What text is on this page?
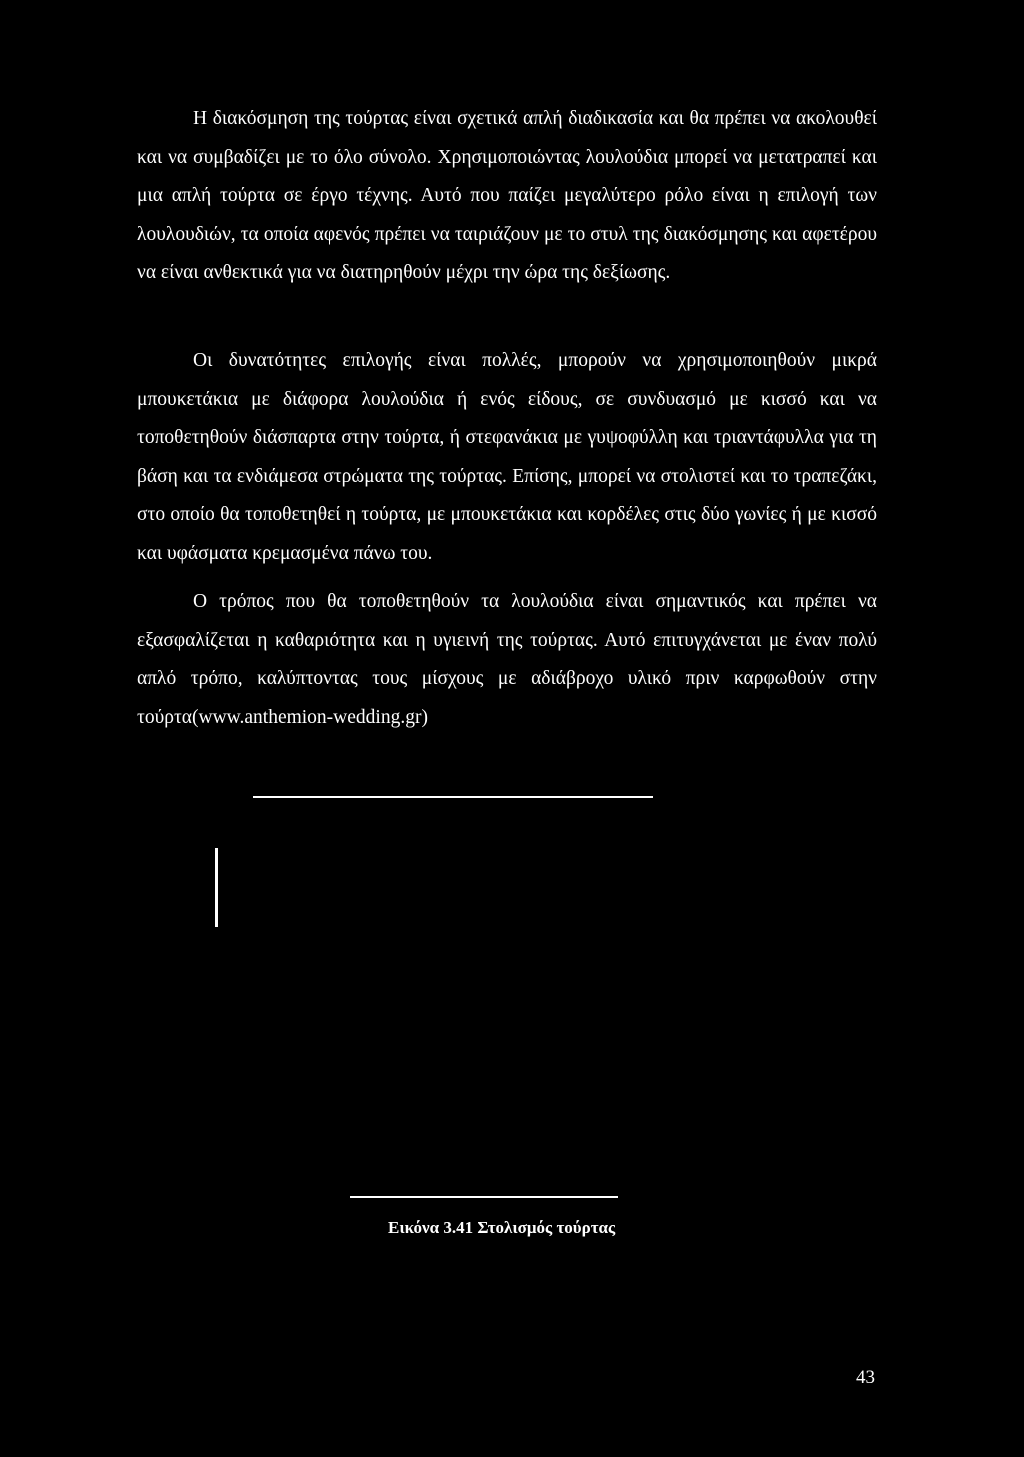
Η διακόσμηση της τούρτας είναι σχετικά απλή διαδικασία και θα πρέπει να ακολουθεί και να συμβαδίζει με το όλο σύνολο. Χρησιμοποιώντας λουλούδια μπορεί να μετατραπεί και μια απλή τούρτα σε έργο τέχνης. Αυτό που παίζει μεγαλύτερο ρόλο είναι η επιλογή των λουλουδιών, τα οποία αφενός πρέπει να ταιριάζουν με το στυλ της διακόσμησης και αφετέρου να είναι ανθεκτικά για να διατηρηθούν μέχρι την ώρα της δεξίωσης.

Οι δυνατότητες επιλογής είναι πολλές, μπορούν να χρησιμοποιηθούν μικρά μπουκετάκια με διάφορα λουλούδια ή ενός είδους, σε συνδυασμό με κισσό και να τοποθετηθούν διάσπαρτα στην τούρτα, ή στεφανάκια με γυψοφύλλη και τριαντάφυλλα για τη βάση και τα ενδιάμεσα στρώματα της τούρτας. Επίσης, μπορεί να στολιστεί και το τραπεζάκι, στο οποίο θα τοποθετηθεί η τούρτα, με μπουκετάκια και κορδέλες στις δύο γωνίες ή με κισσό και υφάσματα κρεμασμένα πάνω του.

Ο τρόπος που θα τοποθετηθούν τα λουλούδια είναι σημαντικός και πρέπει να εξασφαλίζεται η καθαριότητα και η υγιεινή της τούρτας. Αυτό επιτυγχάνεται με έναν πολύ απλό τρόπο, καλύπτοντας τους μίσχους με αδιάβροχο υλικό πριν καρφωθούν στην τούρτα(www.anthemion-wedding.gr)

Εικόνα 3.41 Στολισμός τούρτας

43
